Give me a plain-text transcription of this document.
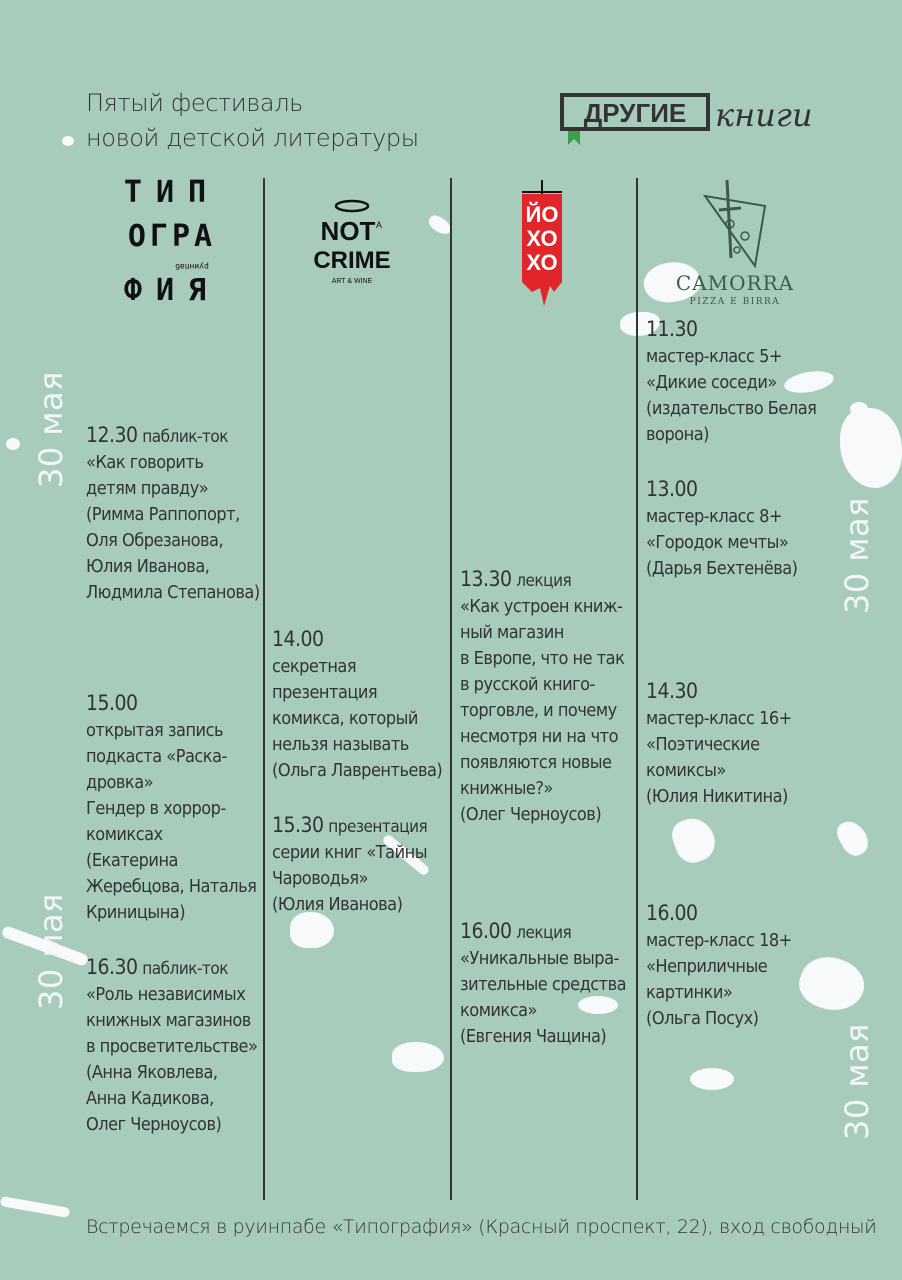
Пятый фестиваль
новой детской литературы
ДРУГИЕ книги
ТИП
ОГРА
руинпаб
ФИЯ
NOT A
CRIME
ART & WINE
ЙО
ХО
ХО
CAMORRA
PIZZA E BIRRA
30 мая
30 мая
30 мая
30 мая
12.30 паблик-ток
«Как говорить
детям правду»
(Римма Раппопорт,
Оля Обрезанова,
Юлия Иванова,
Людмила Степанова)
15.00
открытая запись
подкаста «Раска-
дровка»
Гендер в хоррор-
комиксах
(Екатерина
Жеребцова, Наталья
Криницына)
16.30 паблик-ток
«Роль независимых
книжных магазинов
в просветительстве»
(Анна Яковлева,
Анна Кадикова,
Олег Черноусов)
14.00
секретная
презентация
комикса, который
нельзя называть
(Ольга Лаврентьева)
15.30 презентация
серии книг «Тайны
Чароводья»
(Юлия Иванова)
13.30 лекция
«Как устроен книж-
ный магазин
в Европе, что не так
в русской книго-
торговле, и почему
несмотря ни на что
появляются новые
книжные?»
(Олег Черноусов)
16.00 лекция
«Уникальные выра-
зительные средства
комикса»
(Евгения Чащина)
11.30
мастер-класс 5+
«Дикие соседи»
(издательство Белая
ворона)
13.00
мастер-класс 8+
«Городок мечты»
(Дарья Бехтенёва)
14.30
мастер-класс 16+
«Поэтические
комиксы»
(Юлия Никитина)
16.00
мастер-класс 18+
«Неприличные
картинки»
(Ольга Посух)
Встречаемся в руинпабе «Типография» (Красный проспект, 22), вход свободный
